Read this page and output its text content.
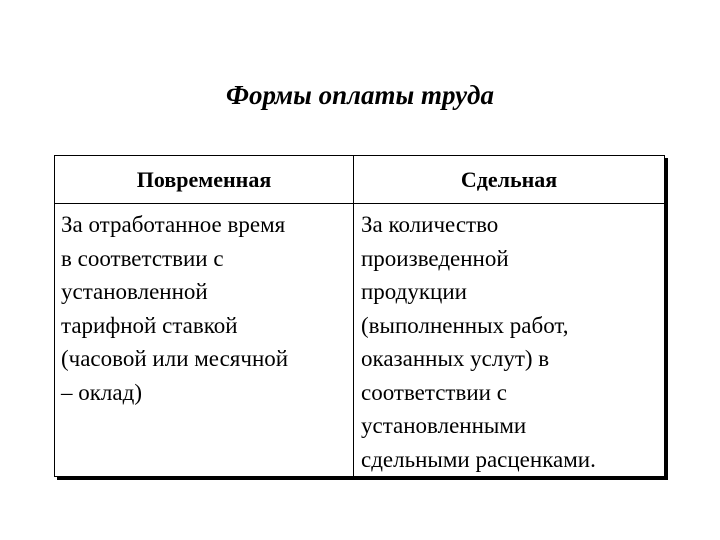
Формы оплаты труда
Повременная	Сдельная
За отработанное время
в соответствии с
установленной
тарифной ставкой
(часовой или месячной
– оклад)
За количество
произведенной
продукции
(выполненных работ,
оказанных услут) в
соответствии с
установленными
сдельными расценками.
